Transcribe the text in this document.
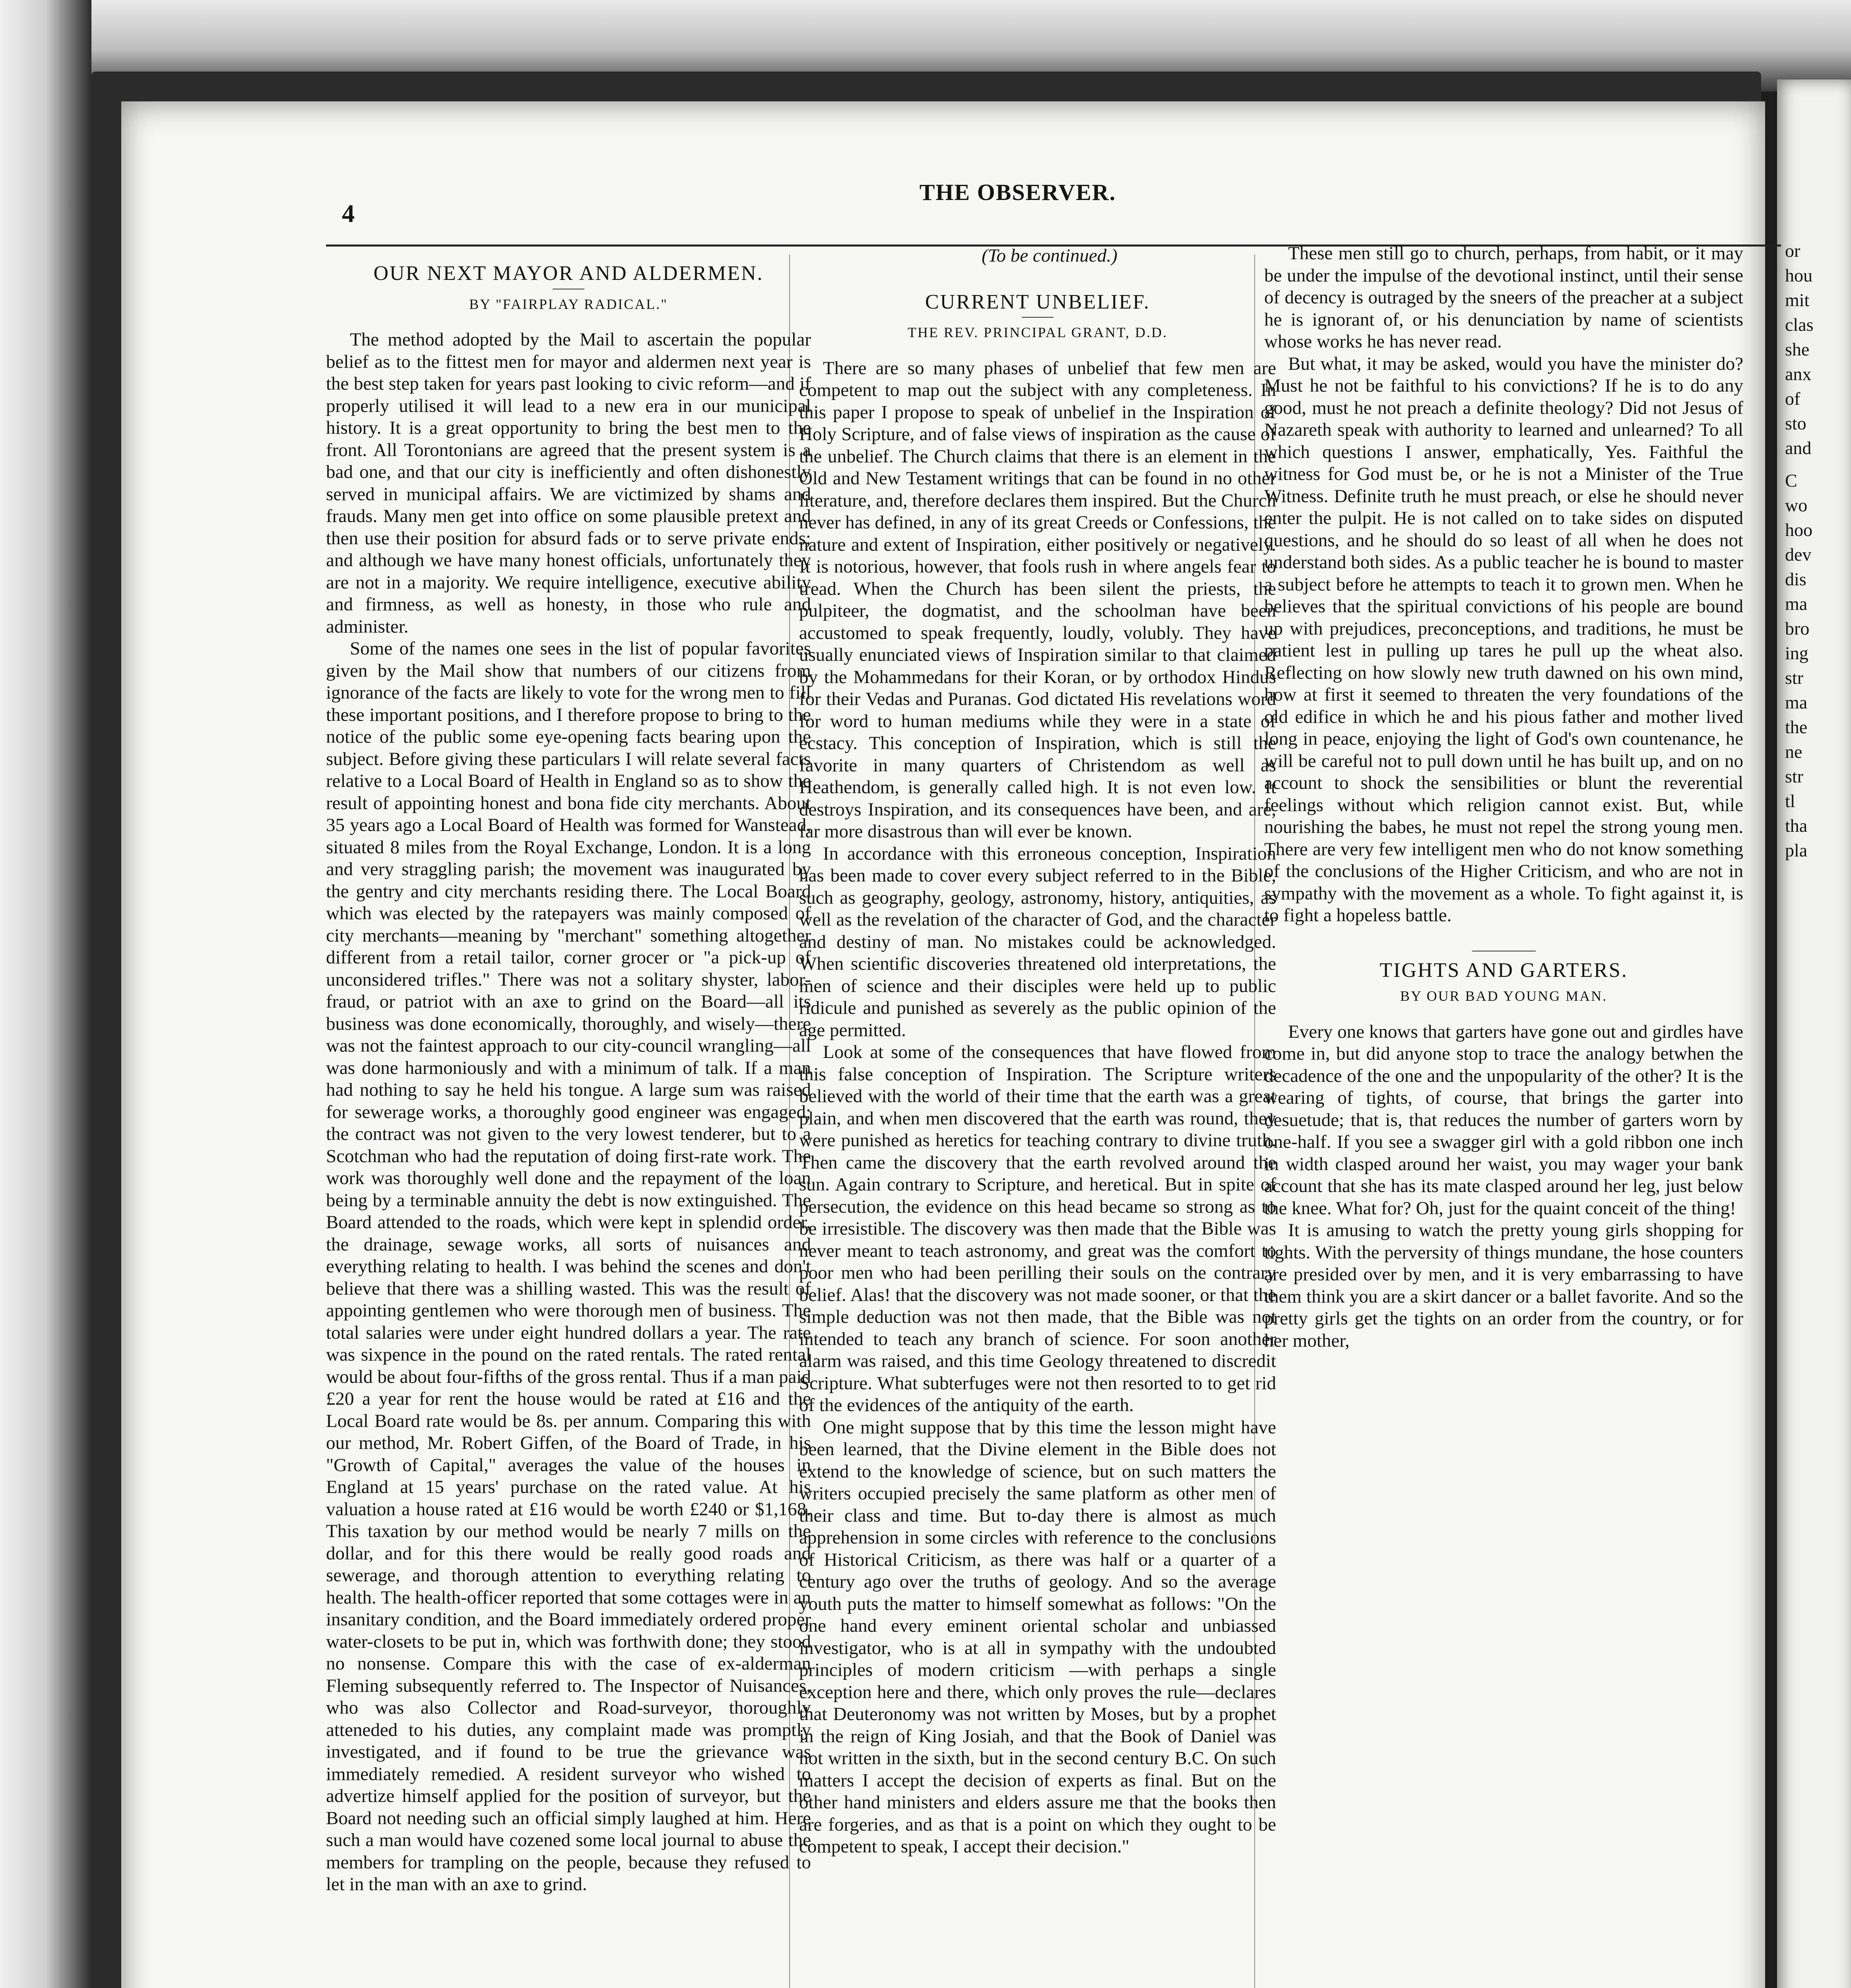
or
hou
mit
clas
she
anx
of
sto
and
C
wo
hoo
dev
dis
ma
bro
ing
str
ma
the
ne
str
tl
tha
pla
4
THE OBSERVER.
OUR NEXT MAYOR AND ALDERMEN.
BY "FAIRPLAY RADICAL."

The method adopted by the Mail to ascertain the popular belief as to the fittest men for mayor and aldermen next year is the best step taken for years past looking to civic reform—and if properly utilised it will lead to a new era in our municipal history. It is a great opportunity to bring the best men to the front. All Torontonians are agreed that the present system is a bad one, and that our city is inefficiently and often dishonestly served in municipal affairs. We are victimized by shams and frauds. Many men get into office on some plausible pretext and then use their position for absurd fads or to serve private ends; and although we have many honest officials, unfortunately they are not in a majority. We require intelligence, executive ability and firmness, as well as honesty, in those who rule and administer.

Some of the names one sees in the list of popular favorites given by the Mail show that numbers of our citizens from ignorance of the facts are likely to vote for the wrong men to fill these important positions, and I therefore propose to bring to the notice of the public some eye-opening facts bearing upon the subject. Before giving these particulars I will relate several facts relative to a Local Board of Health in England so as to show the result of appointing honest and bona fide city merchants. About 35 years ago a Local Board of Health was formed for Wanstead, situated 8 miles from the Royal Exchange, London. It is a long and very straggling parish; the movement was inaugurated by the gentry and city merchants residing there. The Local Board which was elected by the ratepayers was mainly composed of city merchants—meaning by "merchant" something altogether different from a retail tailor, corner grocer or "a pick-up of unconsidered trifles." There was not a solitary shyster, labor-fraud, or patriot with an axe to grind on the Board—all its business was done economically, thoroughly, and wisely—there was not the faintest approach to our city-council wrangling—all was done harmoniously and with a minimum of talk. If a man had nothing to say he held his tongue. A large sum was raised for sewerage works, a thoroughly good engineer was engaged; the contract was not given to the very lowest tenderer, but to a Scotchman who had the reputation of doing first-rate work. The work was thoroughly well done and the repayment of the loan being by a terminable annuity the debt is now extinguished. The Board attended to the roads, which were kept in splendid order, the drainage, sewage works, all sorts of nuisances and everything relating to health. I was behind the scenes and don't believe that there was a shilling wasted. This was the result of appointing gentlemen who were thorough men of business. The total salaries were under eight hundred dollars a year. The rate was sixpence in the pound on the rated rentals. The rated rental would be about four-fifths of the gross rental. Thus if a man paid £20 a year for rent the house would be rated at £16 and the Local Board rate would be 8s. per annum. Comparing this with our method, Mr. Robert Giffen, of the Board of Trade, in his "Growth of Capital," averages the value of the houses in England at 15 years' purchase on the rated value. At his valuation a house rated at £16 would be worth £240 or $1,168. This taxation by our method would be nearly 7 mills on the dollar, and for this there would be really good roads and sewerage, and thorough attention to everything relating to health. The health-officer reported that some cottages were in an insanitary condition, and the Board immediately ordered proper water-closets to be put in, which was forthwith done; they stood no nonsense. Compare this with the case of ex-alderman Fleming subsequently referred to. The Inspector of Nuisances, who was also Collector and Road-surveyor, thoroughly atteneded to his duties, any complaint made was promptly investigated, and if found to be true the grievance was immediately remedied. A resident surveyor who wished to advertize himself applied for the position of surveyor, but the Board not needing such an official simply laughed at him. Here such a man would have cozened some local journal to abuse the members for trampling on the people, because they refused to let in the man with an axe to grind.

(To be continued.)

CURRENT UNBELIEF.
THE REV. PRINCIPAL GRANT, D.D.

There are so many phases of unbelief that few men are competent to map out the subject with any completeness. In this paper I propose to speak of unbelief in the Inspiration of Holy Scripture, and of false views of inspiration as the cause of the unbelief. The Church claims that there is an element in the Old and New Testament writings that can be found in no other literature, and, therefore declares them inspired. But the Church never has defined, in any of its great Creeds or Confessions, the nature and extent of Inspiration, either positively or negatively. It is notorious, however, that fools rush in where angels fear to tread. When the Church has been silent the priests, the pulpiteer, the dogmatist, and the schoolman have been accustomed to speak frequently, loudly, volubly. They have usually enunciated views of Inspiration similar to that claimed by the Mohammedans for their Koran, or by orthodox Hindus for their Vedas and Puranas. God dictated His revelations word for word to human mediums while they were in a state of ecstacy. This conception of Inspiration, which is still the favorite in many quarters of Christendom as well as Heathendom, is generally called high. It is not even low. It destroys Inspiration, and its consequences have been, and are, far more disastrous than will ever be known.

In accordance with this erroneous conception, Inspiration has been made to cover every subject referred to in the Bible, such as geography, geology, astronomy, history, antiquities, as well as the revelation of the character of God, and the character and destiny of man. No mistakes could be acknowledged. When scientific discoveries threatened old interpretations, the men of science and their disciples were held up to public ridicule and punished as severely as the public opinion of the age permitted.

Look at some of the consequences that have flowed from this false conception of Inspiration. The Scripture writers believed with the world of their time that the earth was a great plain, and when men discovered that the earth was round, they were punished as heretics for teaching contrary to divine truth. Then came the discovery that the earth revolved around the sun. Again contrary to Scripture, and heretical. But in spite of persecution, the evidence on this head became so strong as to be irresistible. The discovery was then made that the Bible was never meant to teach astronomy, and great was the comfort to poor men who had been perilling their souls on the contrary belief. Alas! that the discovery was not made sooner, or that the simple deduction was not then made, that the Bible was not intended to teach any branch of science. For soon another alarm was raised, and this time Geology threatened to discredit Scripture. What subterfuges were not then resorted to to get rid of the evidences of the antiquity of the earth.

One might suppose that by this time the lesson might have been learned, that the Divine element in the Bible does not extend to the knowledge of science, but on such matters the writers occupied precisely the same platform as other men of their class and time. But to-day there is almost as much apprehension in some circles with reference to the conclusions of Historical Criticism, as there was half or a quarter of a century ago over the truths of geology. And so the average youth puts the matter to himself somewhat as follows: "On the one hand every eminent oriental scholar and unbiassed investigator, who is at all in sympathy with the undoubted principles of modern criticism —with perhaps a single exception here and there, which only proves the rule—declares that Deuteronomy was not written by Moses, but by a prophet in the reign of King Josiah, and that the Book of Daniel was not written in the sixth, but in the second century B.C. On such matters I accept the decision of experts as final. But on the other hand ministers and elders assure me that the books then are forgeries, and as that is a point on which they ought to be competent to speak, I accept their decision."

These men still go to church, perhaps, from habit, or it may be under the impulse of the devotional instinct, until their sense of decency is outraged by the sneers of the preacher at a subject he is ignorant of, or his denunciation by name of scientists whose works he has never read.

But what, it may be asked, would you have the minister do? Must he not be faithful to his convictions? If he is to do any good, must he not preach a definite theology? Did not Jesus of Nazareth speak with authority to learned and unlearned? To all which questions I answer, emphatically, Yes. Faithful the witness for God must be, or he is not a Minister of the True Witness. Definite truth he must preach, or else he should never enter the pulpit. He is not called on to take sides on disputed questions, and he should do so least of all when he does not understand both sides. As a public teacher he is bound to master a subject before he attempts to teach it to grown men. When he believes that the spiritual convictions of his people are bound up with prejudices, preconceptions, and traditions, he must be patient lest in pulling up tares he pull up the wheat also. Reflecting on how slowly new truth dawned on his own mind, how at first it seemed to threaten the very foundations of the old edifice in which he and his pious father and mother lived long in peace, enjoying the light of God's own countenance, he will be careful not to pull down until he has built up, and on no account to shock the sensibilities or blunt the reverential feelings without which religion cannot exist. But, while nourishing the babes, he must not repel the strong young men. There are very few intelligent men who do not know something of the conclusions of the Higher Criticism, and who are not in sympathy with the movement as a whole. To fight against it, is to fight a hopeless battle.

TIGHTS AND GARTERS.
BY OUR BAD YOUNG MAN.

Every one knows that garters have gone out and girdles have come in, but did anyone stop to trace the analogy betwhen the decadence of the one and the unpopularity of the other? It is the wearing of tights, of course, that brings the garter into desuetude; that is, that reduces the number of garters worn by one-half. If you see a swagger girl with a gold ribbon one inch in width clasped around her waist, you may wager your bank account that she has its mate clasped around her leg, just below the knee. What for? Oh, just for the quaint conceit of the thing!

It is amusing to watch the pretty young girls shopping for tights. With the perversity of things mundane, the hose counters are presided over by men, and it is very embarrassing to have them think you are a skirt dancer or a ballet favorite. And so the pretty girls get the tights on an order from the country, or for her mother,
